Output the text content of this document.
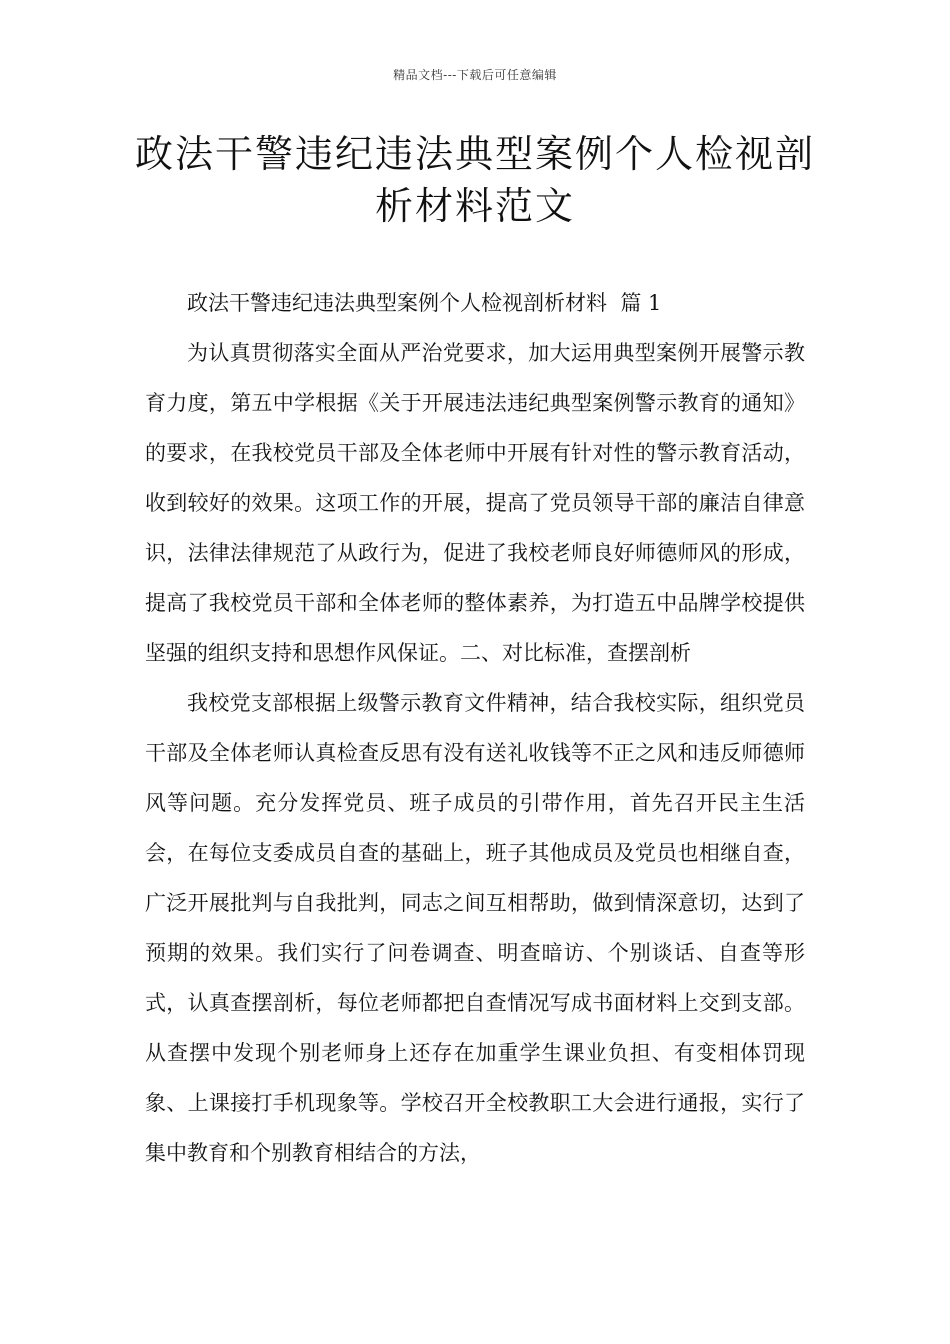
精品文档---下载后可任意编辑
政法干警违纪违法典型案例个人检视剖析材料范文

政法干警违纪违法典型案例个人检视剖析材料  篇 1

为认真贯彻落实全面从严治党要求，加大运用典型案例开展警示教育力度，第五中学根据《关于开展违法违纪典型案例警示教育的通知》的要求，在我校党员干部及全体老师中开展有针对性的警示教育活动，收到较好的效果。这项工作的开展，提高了党员领导干部的廉洁自律意识，法律法律规范了从政行为，促进了我校老师良好师德师风的形成，提高了我校党员干部和全体老师的整体素养，为打造五中品牌学校提供坚强的组织支持和思想作风保证。二、对比标准，查摆剖析

我校党支部根据上级警示教育文件精神，结合我校实际，组织党员干部及全体老师认真检查反思有没有送礼收钱等不正之风和违反师德师风等问题。充分发挥党员、班子成员的引带作用，首先召开民主生活会，在每位支委成员自查的基础上，班子其他成员及党员也相继自查，广泛开展批判与自我批判，同志之间互相帮助，做到情深意切，达到了预期的效果。我们实行了问卷调查、明查暗访、个别谈话、自查等形式，认真查摆剖析，每位老师都把自查情况写成书面材料上交到支部。从查摆中发现个别老师身上还存在加重学生课业负担、有变相体罚现象、上课接打手机现象等。学校召开全校教职工大会进行通报，实行了集中教育和个别教育相结合的方法，
